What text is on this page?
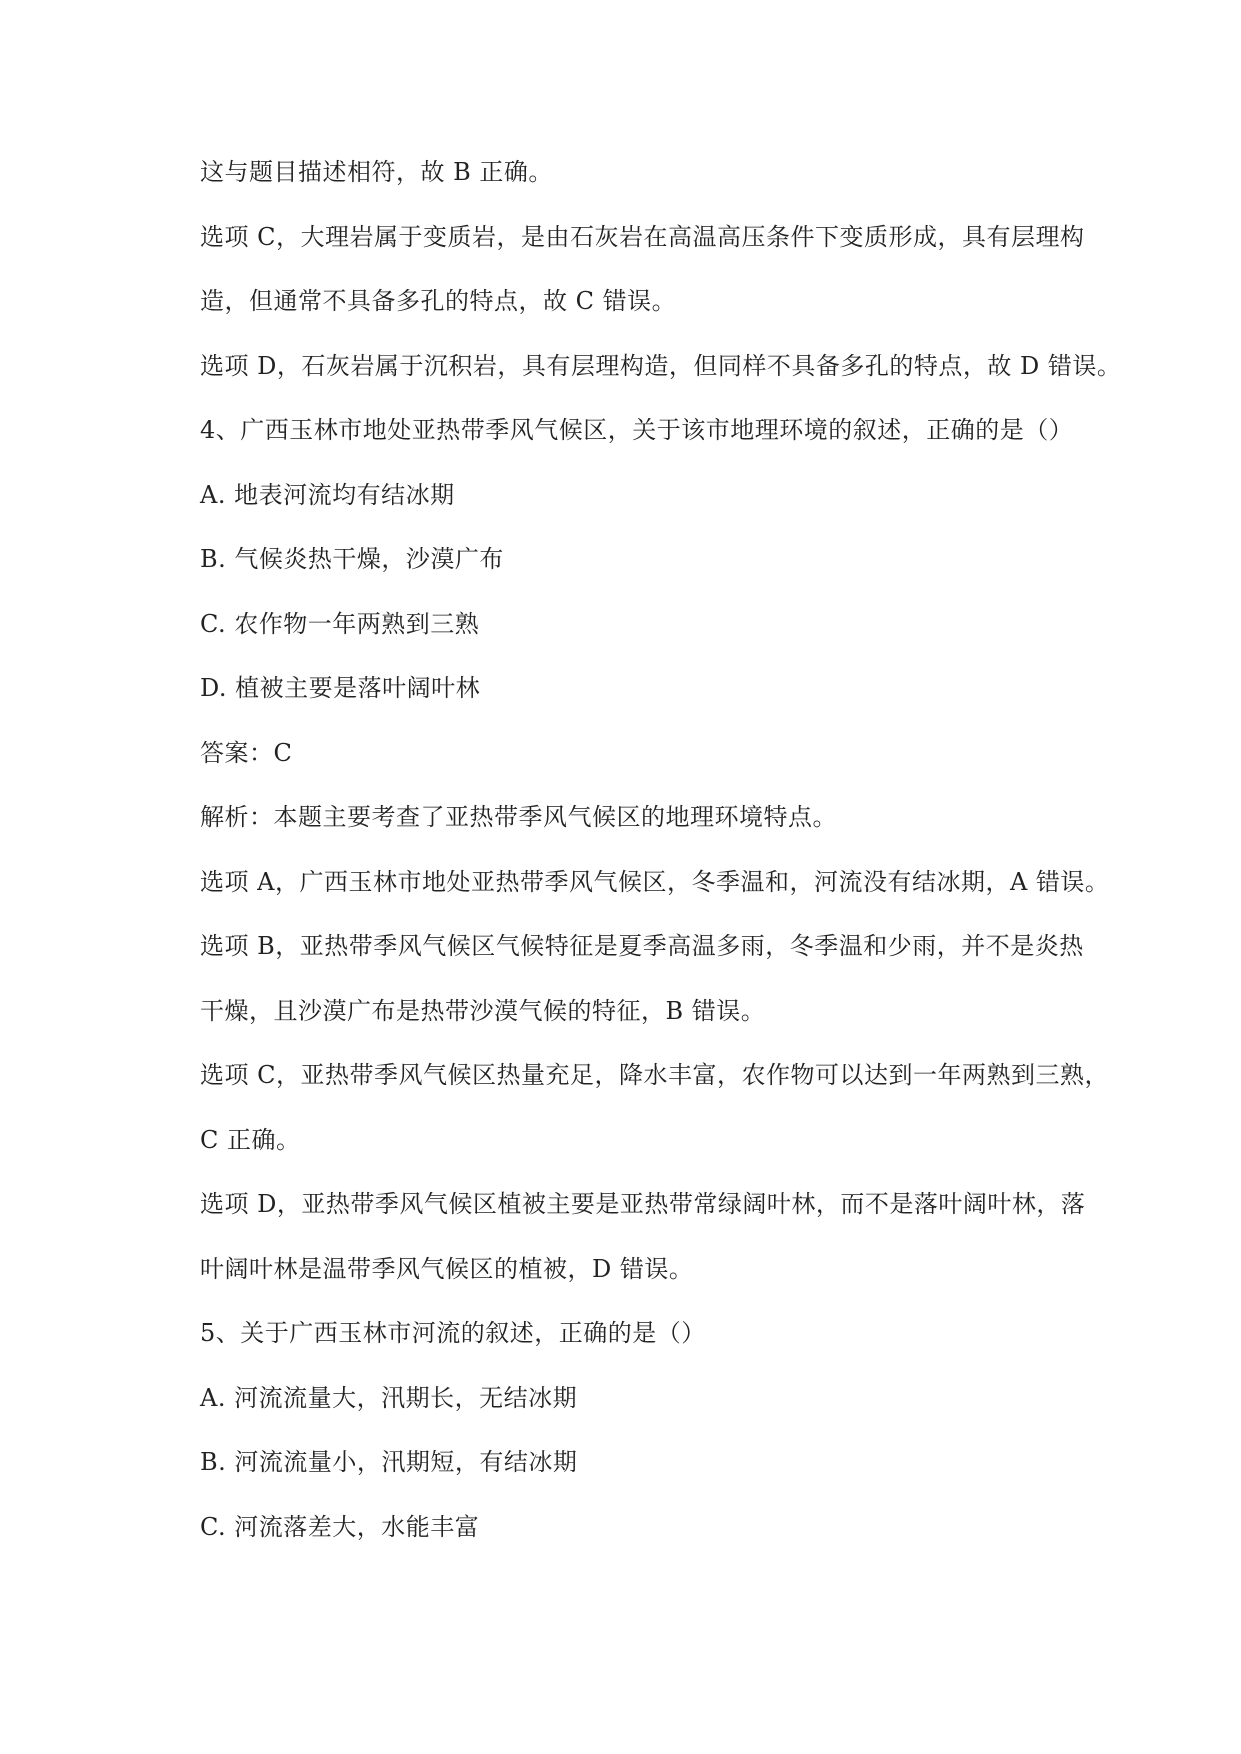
这与题目描述相符，故 B 正确。

选项 C，大理岩属于变质岩，是由石灰岩在高温高压条件下变质形成，具有层理构

造，但通常不具备多孔的特点，故 C 错误。

选项 D，石灰岩属于沉积岩，具有层理构造，但同样不具备多孔的特点，故 D 错误。

4、广西玉林市地处亚热带季风气候区，关于该市地理环境的叙述，正确的是（）

A. 地表河流均有结冰期

B. 气候炎热干燥，沙漠广布

C. 农作物一年两熟到三熟

D. 植被主要是落叶阔叶林

答案：C

解析：本题主要考查了亚热带季风气候区的地理环境特点。

选项 A，广西玉林市地处亚热带季风气候区，冬季温和，河流没有结冰期，A 错误。

选项 B，亚热带季风气候区气候特征是夏季高温多雨，冬季温和少雨，并不是炎热

干燥，且沙漠广布是热带沙漠气候的特征，B 错误。

选项 C，亚热带季风气候区热量充足，降水丰富，农作物可以达到一年两熟到三熟，

C 正确。

选项 D，亚热带季风气候区植被主要是亚热带常绿阔叶林，而不是落叶阔叶林，落

叶阔叶林是温带季风气候区的植被，D 错误。

5、关于广西玉林市河流的叙述，正确的是（）

A. 河流流量大，汛期长，无结冰期

B. 河流流量小，汛期短，有结冰期

C. 河流落差大，水能丰富
